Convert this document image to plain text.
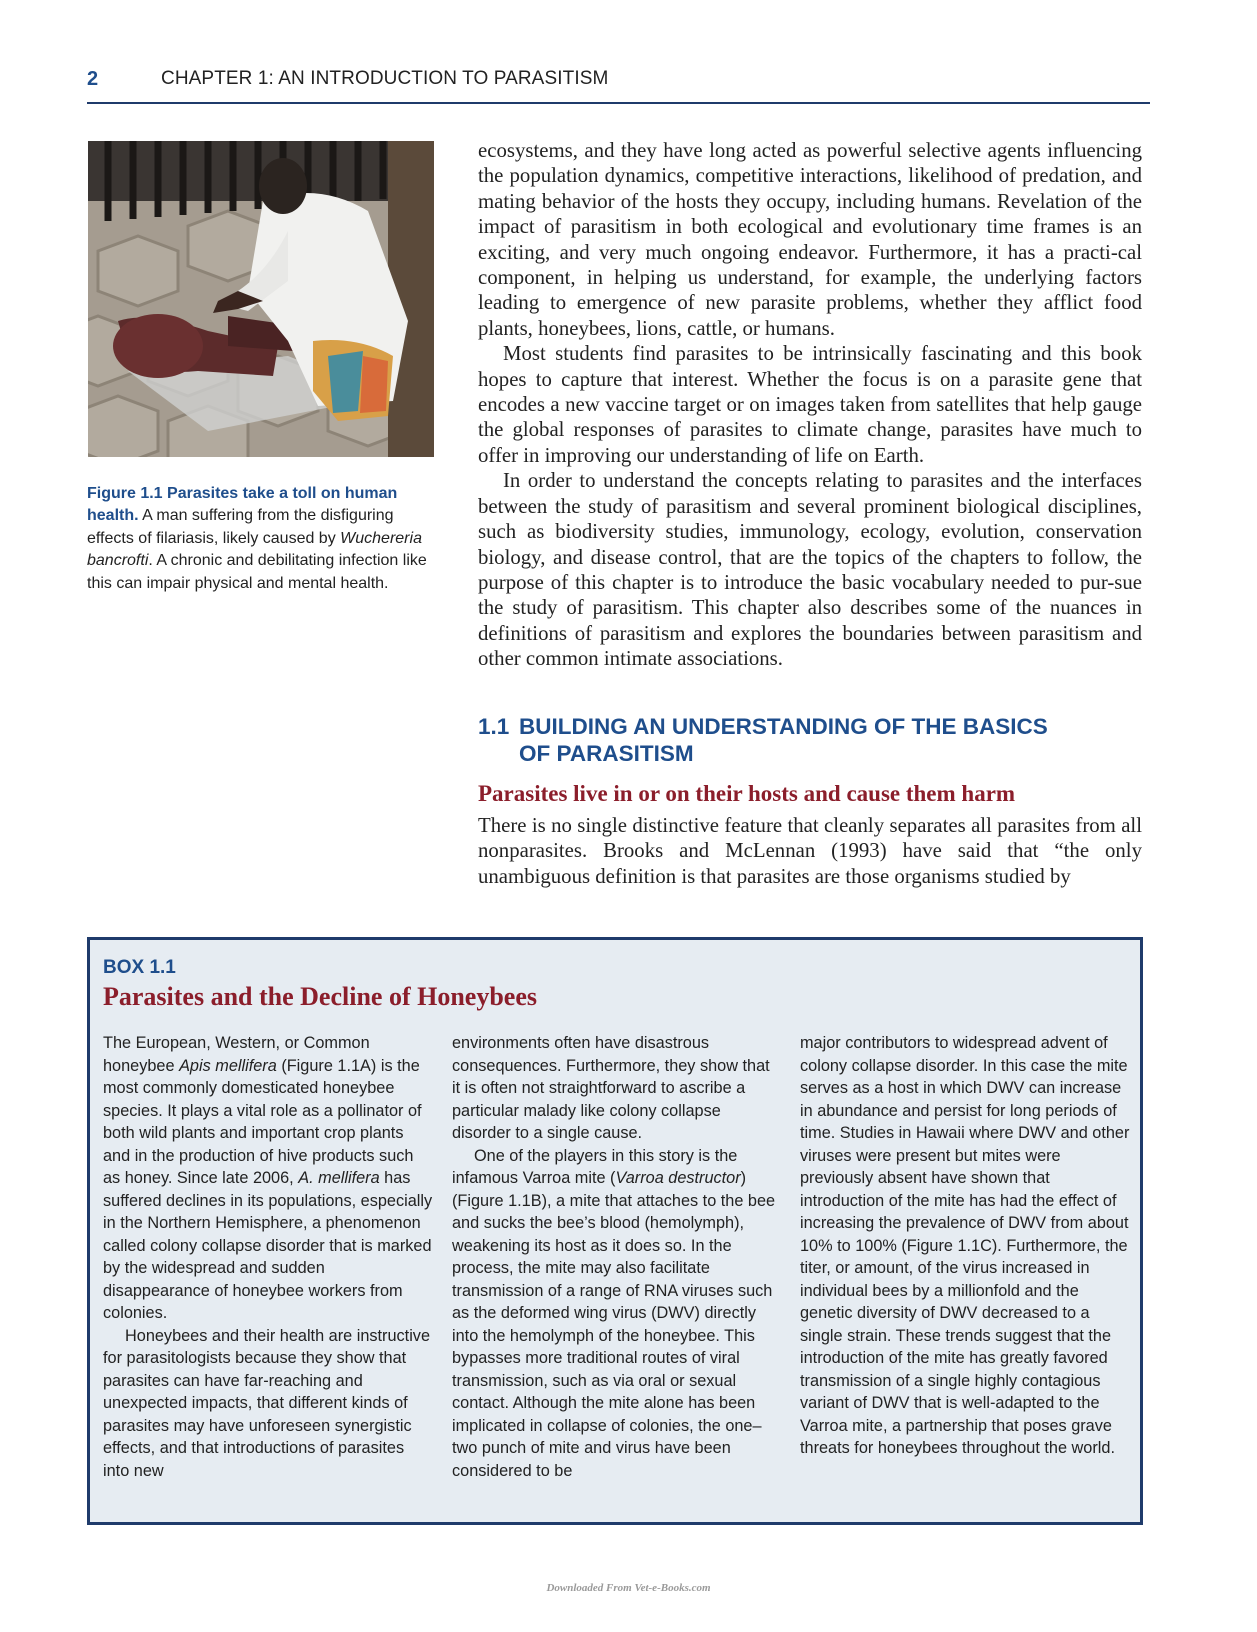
2	CHAPTER 1: AN INTRODUCTION TO PARASITISM
Figure 1.1 Parasites take a toll on human health. A man suffering from the disfiguring effects of filariasis, likely caused by Wuchereria bancrofti. A chronic and debilitating infection like this can impair physical and mental health.

ecosystems, and they have long acted as powerful selective agents influencing the population dynamics, competitive interactions, likelihood of predation, and mating behavior of the hosts they occupy, including humans. Revelation of the impact of parasitism in both ecological and evolutionary time frames is an exciting, and very much ongoing endeavor. Furthermore, it has a practi-cal component, in helping us understand, for example, the underlying factors leading to emergence of new parasite problems, whether they afflict food plants, honeybees, lions, cattle, or humans.

Most students find parasites to be intrinsically fascinating and this book hopes to capture that interest. Whether the focus is on a parasite gene that encodes a new vaccine target or on images taken from satellites that help gauge the global responses of parasites to climate change, parasites have much to offer in improving our understanding of life on Earth.

In order to understand the concepts relating to parasites and the interfaces between the study of parasitism and several prominent biological disciplines, such as biodiversity studies, immunology, ecology, evolution, conservation biology, and disease control, that are the topics of the chapters to follow, the purpose of this chapter is to introduce the basic vocabulary needed to pur-sue the study of parasitism. This chapter also describes some of the nuances in definitions of parasitism and explores the boundaries between parasitism and other common intimate associations.

1.1 BUILDING AN UNDERSTANDING OF THE BASICS
OF PARASITISM
Parasites live in or on their hosts and cause them harm

There is no single distinctive feature that cleanly separates all parasites from all nonparasites. Brooks and McLennan (1993) have said that “the only unambiguous definition is that parasites are those organisms studied by

BOX 1.1
Parasites and the Decline of Honeybees

The European, Western, or Common honeybee Apis mellifera (Figure 1.1A) is the most commonly domesticated honeybee species. It plays a vital role as a pollinator of both wild plants and important crop plants and in the production of hive products such as honey. Since late 2006, A. mellifera has suffered declines in its populations, especially in the Northern Hemisphere, a phenomenon called colony collapse disorder that is marked by the widespread and sudden disappearance of honeybee workers from colonies.

Honeybees and their health are instructive for parasitologists because they show that parasites can have far-reaching and unexpected impacts, that different kinds of parasites may have unforeseen synergistic effects, and that introductions of parasites into new

environments often have disastrous consequences. Furthermore, they show that it is often not straightforward to ascribe a particular malady like colony collapse disorder to a single cause.

One of the players in this story is the infamous Varroa mite (Varroa destructor) (Figure 1.1B), a mite that attaches to the bee and sucks the bee’s blood (hemolymph), weakening its host as it does so. In the process, the mite may also facilitate transmission of a range of RNA viruses such as the deformed wing virus (DWV) directly into the hemolymph of the honeybee. This bypasses more traditional routes of viral transmission, such as via oral or sexual contact. Although the mite alone has been implicated in collapse of colonies, the one–two punch of mite and virus have been considered to be

major contributors to widespread advent of colony collapse disorder. In this case the mite serves as a host in which DWV can increase in abundance and persist for long periods of time. Studies in Hawaii where DWV and other viruses were present but mites were previously absent have shown that introduction of the mite has had the effect of increasing the prevalence of DWV from about 10% to 100% (Figure 1.1C). Furthermore, the titer, or amount, of the virus increased in individual bees by a millionfold and the genetic diversity of DWV decreased to a single strain. These trends suggest that the introduction of the mite has greatly favored transmission of a single highly contagious variant of DWV that is well-adapted to the Varroa mite, a partnership that poses grave threats for honeybees throughout the world.

Downloaded From Vet-e-Books.com
